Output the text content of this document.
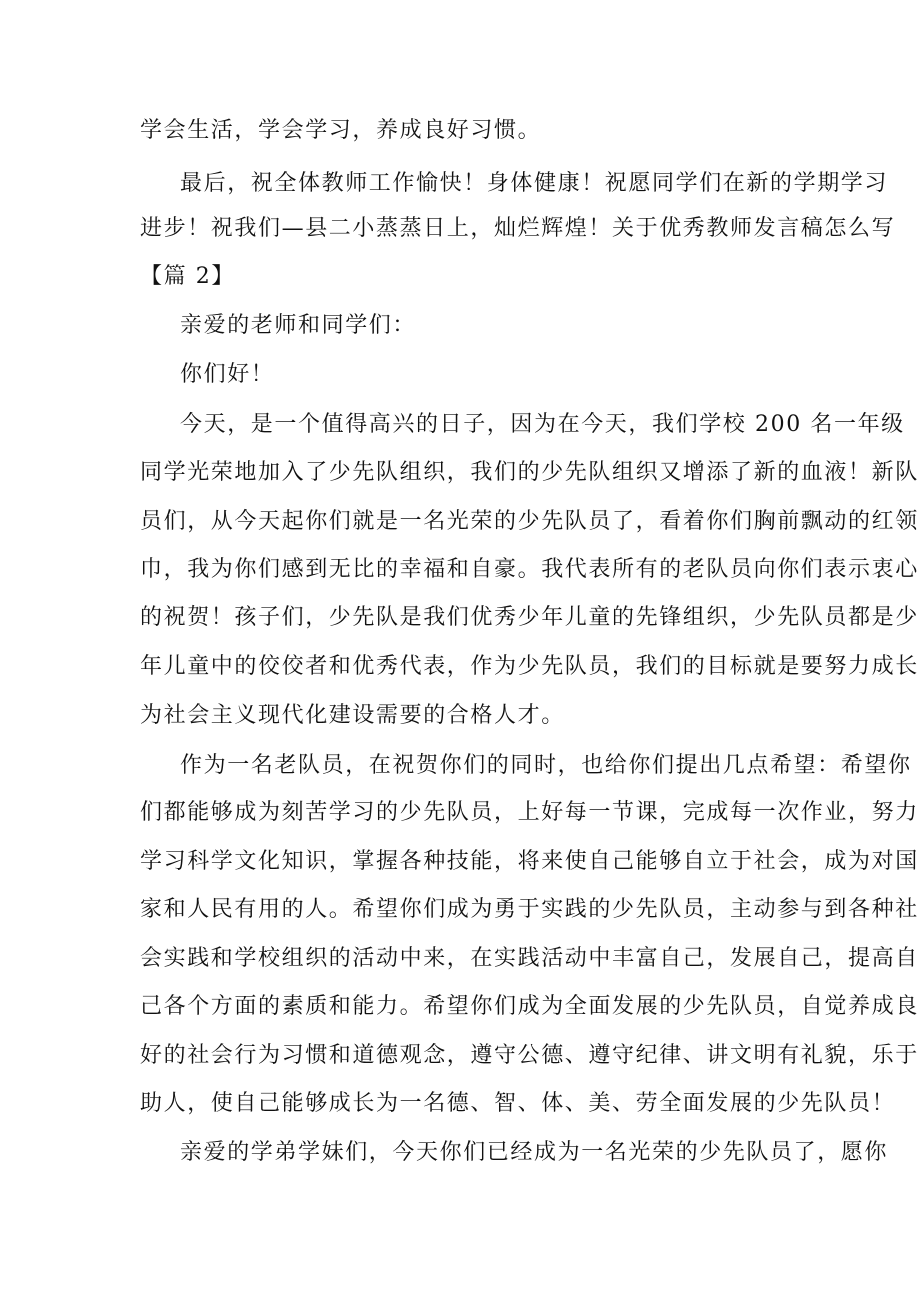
学会生活，学会学习，养成良好习惯。
最后，祝全体教师工作愉快！身体健康！祝愿同学们在新的学期学习
进步！祝我们—县二小蒸蒸日上，灿烂辉煌！关于优秀教师发言稿怎么写
【篇 2】
亲爱的老师和同学们：
你们好！
今天，是一个值得高兴的日子，因为在今天，我们学校 200 名一年级
同学光荣地加入了少先队组织，我们的少先队组织又增添了新的血液！新队
员们，从今天起你们就是一名光荣的少先队员了，看着你们胸前飘动的红领
巾，我为你们感到无比的幸福和自豪。我代表所有的老队员向你们表示衷心
的祝贺！孩子们，少先队是我们优秀少年儿童的先锋组织，少先队员都是少
年儿童中的佼佼者和优秀代表，作为少先队员，我们的目标就是要努力成长
为社会主义现代化建设需要的合格人才。
作为一名老队员，在祝贺你们的同时，也给你们提出几点希望：希望你
们都能够成为刻苦学习的少先队员，上好每一节课，完成每一次作业，努力
学习科学文化知识，掌握各种技能，将来使自己能够自立于社会，成为对国
家和人民有用的人。希望你们成为勇于实践的少先队员，主动参与到各种社
会实践和学校组织的活动中来，在实践活动中丰富自己，发展自己，提高自
己各个方面的素质和能力。希望你们成为全面发展的少先队员，自觉养成良
好的社会行为习惯和道德观念，遵守公德、遵守纪律、讲文明有礼貌，乐于
助人，使自己能够成长为一名德、智、体、美、劳全面发展的少先队员！
亲爱的学弟学妹们，今天你们已经成为一名光荣的少先队员了，愿你
